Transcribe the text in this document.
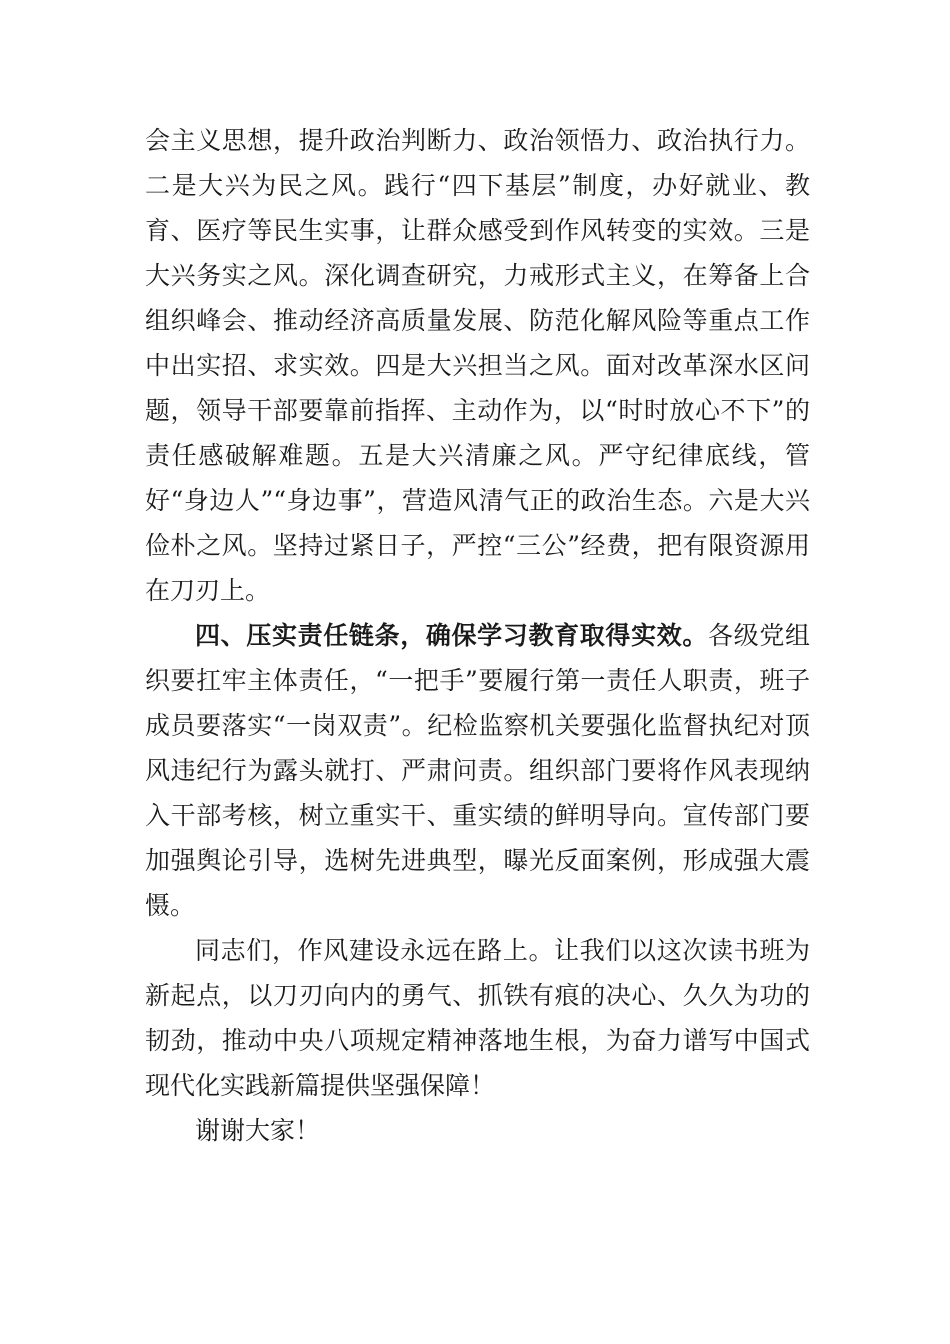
会主义思想，提升政治判断力、政治领悟力、政治执行力。二是大兴为民之风。践行“四下基层”制度，办好就业、教育、医疗等民生实事，让群众感受到作风转变的实效。三是大兴务实之风。深化调查研究，力戒形式主义，在筹备上合组织峰会、推动经济高质量发展、防范化解风险等重点工作中出实招、求实效。四是大兴担当之风。面对改革深水区问题，领导干部要靠前指挥、主动作为，以“时时放心不下”的责任感破解难题。五是大兴清廉之风。严守纪律底线，管好“身边人”“身边事”，营造风清气正的政治生态。六是大兴俭朴之风。坚持过紧日子，严控“三公”经费，把有限资源用在刀刃上。

四、压实责任链条，确保学习教育取得实效。各级党组织要扛牢主体责任，“一把手”要履行第一责任人职责，班子成员要落实“一岗双责”。纪检监察机关要强化监督执纪对顶风违纪行为露头就打、严肃问责。组织部门要将作风表现纳入干部考核，树立重实干、重实绩的鲜明导向。宣传部门要加强舆论引导，选树先进典型，曝光反面案例，形成强大震慑。

同志们，作风建设永远在路上。让我们以这次读书班为新起点，以刀刃向内的勇气、抓铁有痕的决心、久久为功的韧劲，推动中央八项规定精神落地生根，为奋力谱写中国式现代化实践新篇提供坚强保障！

谢谢大家！
